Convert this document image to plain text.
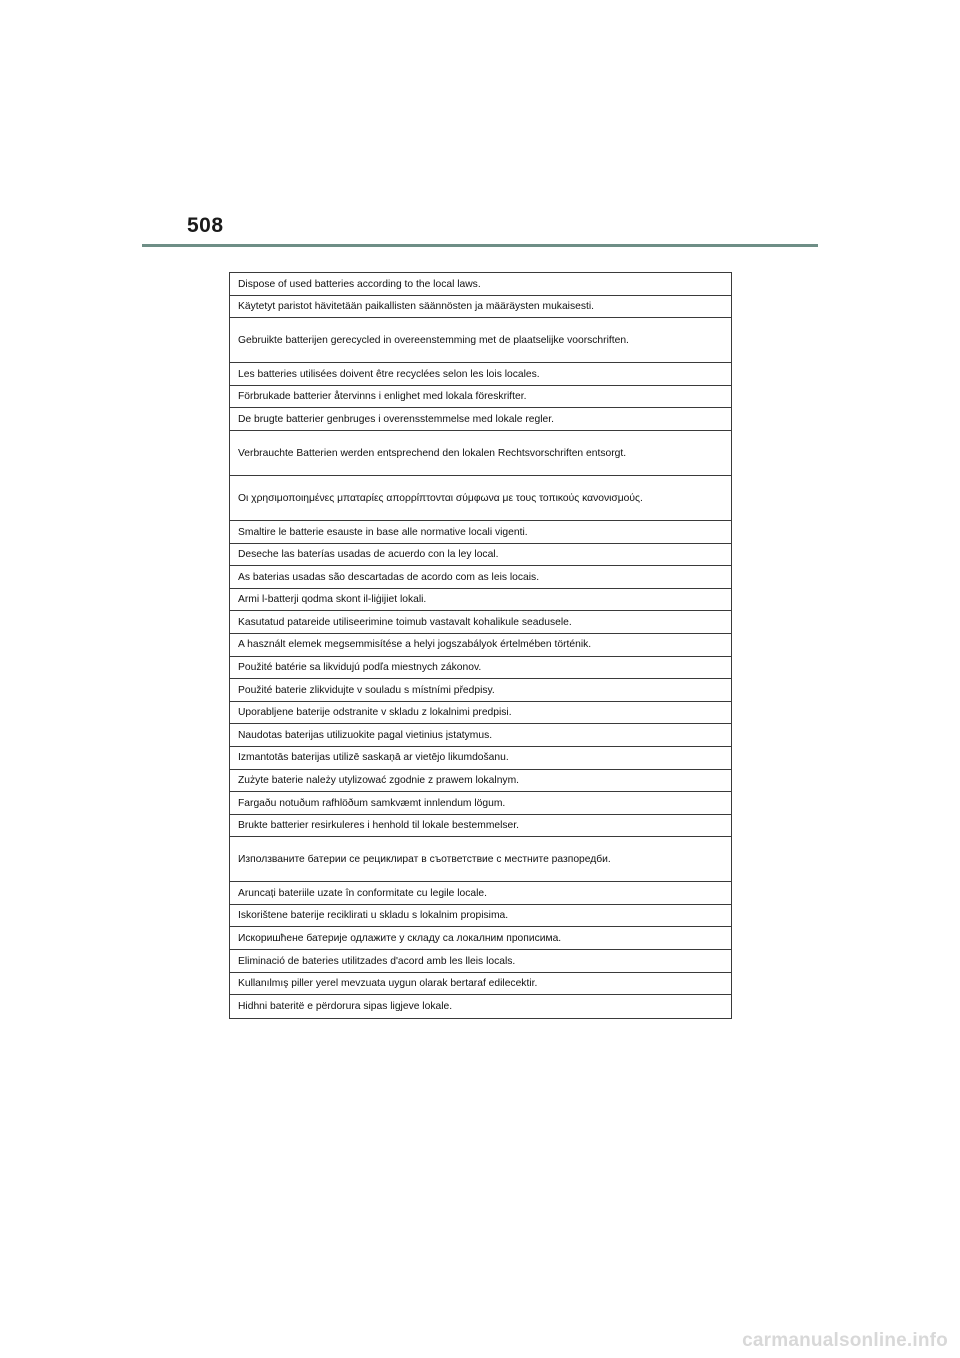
508
Dispose of used batteries according to the local laws.
Käytetyt paristot hävitetään paikallisten säännösten ja määräysten mukaisesti.
Gebruikte batterijen gerecycled in overeenstemming met de plaatselijke voorschriften.
Les batteries utilisées doivent être recyclées selon les lois locales.
Förbrukade batterier återvinns i enlighet med lokala föreskrifter.
De brugte batterier genbruges i overensstemmelse med lokale regler.
Verbrauchte Batterien werden entsprechend den lokalen Rechtsvorschriften entsorgt.
Οι χρησιμοποιημένες μπαταρίες απορρίπτονται σύμφωνα με τους τοπικούς κανονισμούς.
Smaltire le batterie esauste in base alle normative locali vigenti.
Deseche las baterías usadas de acuerdo con la ley local.
As baterias usadas são descartadas de acordo com as leis locais.
Armi l-batterji qodma skont il-liġijiet lokali.
Kasutatud patareide utiliseerimine toimub vastavalt kohalikule seadusele.
A használt elemek megsemmisítése a helyi jogszabályok értelmében történik.
Použité batérie sa likvidujú podľa miestnych zákonov.
Použité baterie zlikvidujte v souladu s místními předpisy.
Uporabljene baterije odstranite v skladu z lokalnimi predpisi.
Naudotas baterijas utilizuokite pagal vietinius įstatymus.
Izmantotās baterijas utilizē saskaņā ar vietējo likumdošanu.
Zużyte baterie należy utylizować zgodnie z prawem lokalnym.
Fargaðu notuðum rafhlöðum samkvæmt innlendum lögum.
Brukte batterier resirkuleres i henhold til lokale bestemmelser.
Използваните батерии се рециклират в съответствие с местните разпоредби.
Aruncați bateriile uzate în conformitate cu legile locale.
Iskorištene baterije reciklirati u skladu s lokalnim propisima.
Искоришћене батерије одлажите у складу са локалним прописима.
Eliminació de bateries utilitzades d'acord amb les lleis locals.
Kullanılmış piller yerel mevzuata uygun olarak bertaraf edilecektir.
Hidhni bateritë e përdorura sipas ligjeve lokale.
carmanualsonline.info
